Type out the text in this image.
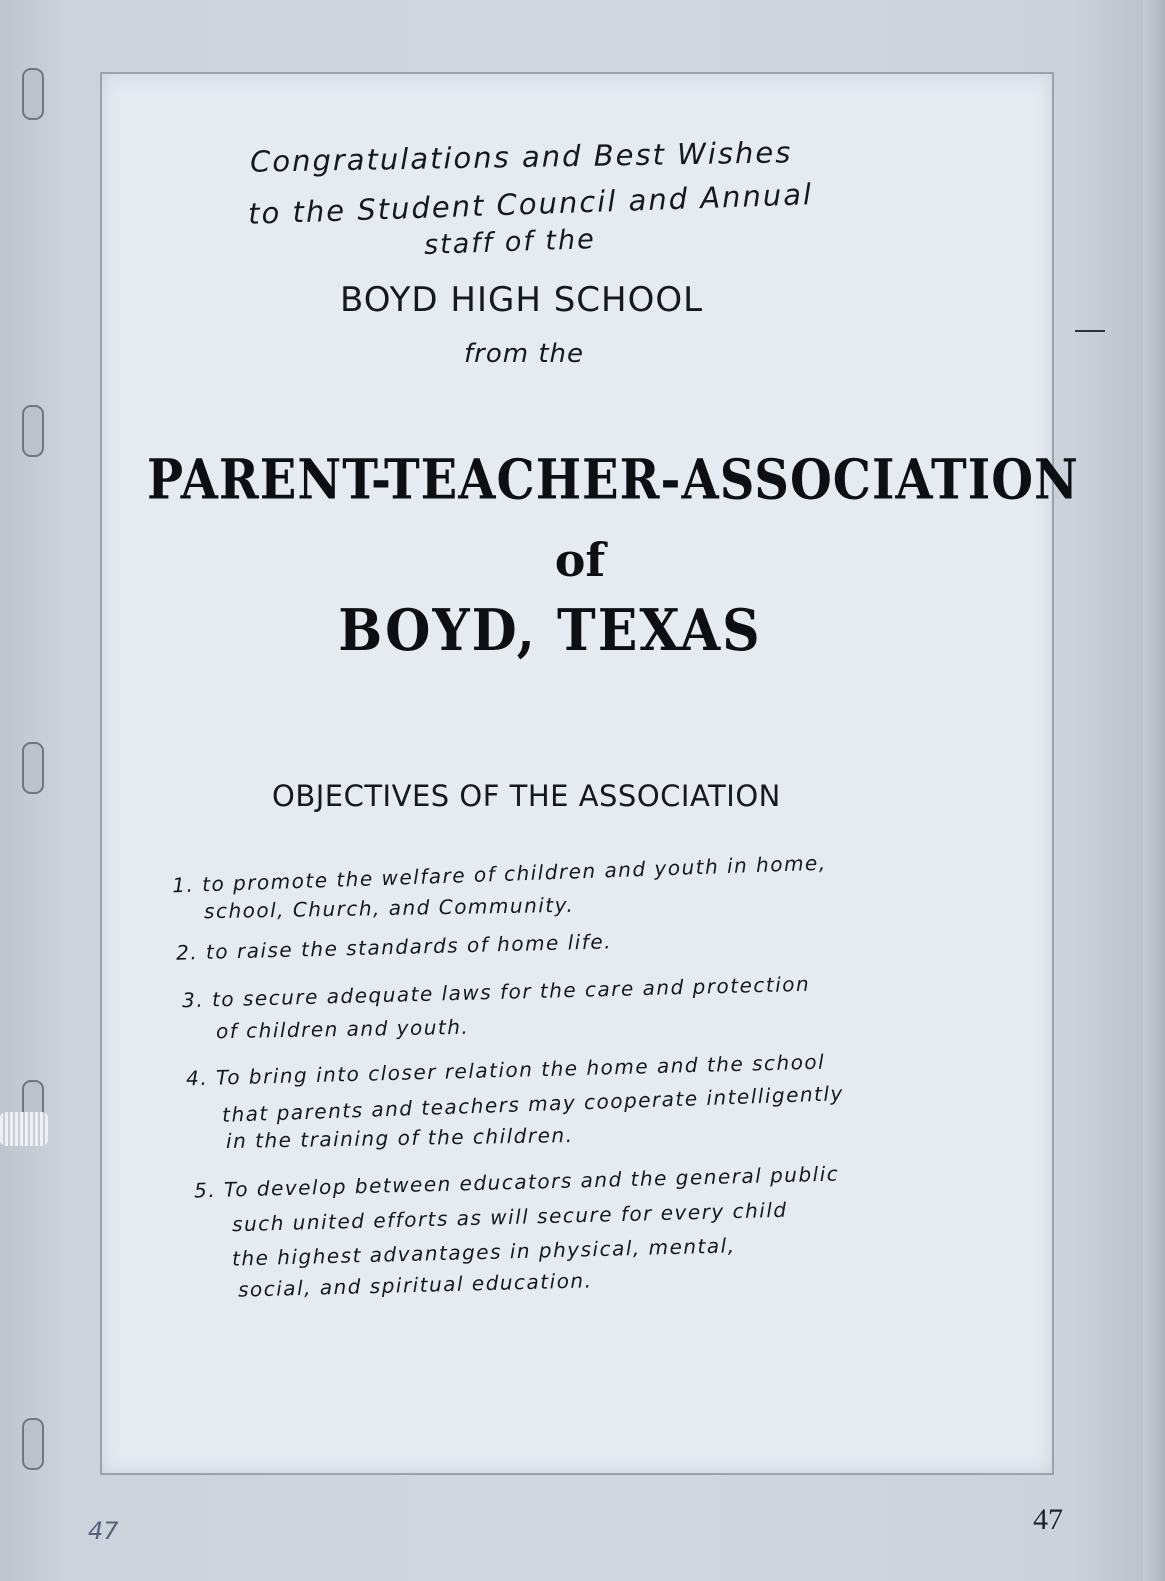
Congratulations and Best Wishes
to the Student Council and Annual
staff of the
BOYD HIGH SCHOOL
from the
PARENT-TEACHER-ASSOCIATION
of
BOYD, TEXAS
OBJECTIVES OF THE ASSOCIATION
1. to promote the welfare of children and youth in home,
school, Church, and Community.
2. to raise the standards of home life.
3. to secure adequate laws for the care and protection
of children and youth.
4. To bring into closer relation the home and the school
that parents and teachers may cooperate intelligently
in the training of the children.
5. To develop between educators and the general public
such united efforts as will secure for every child
the highest advantages in physical, mental,
social, and spiritual education.
47	47
